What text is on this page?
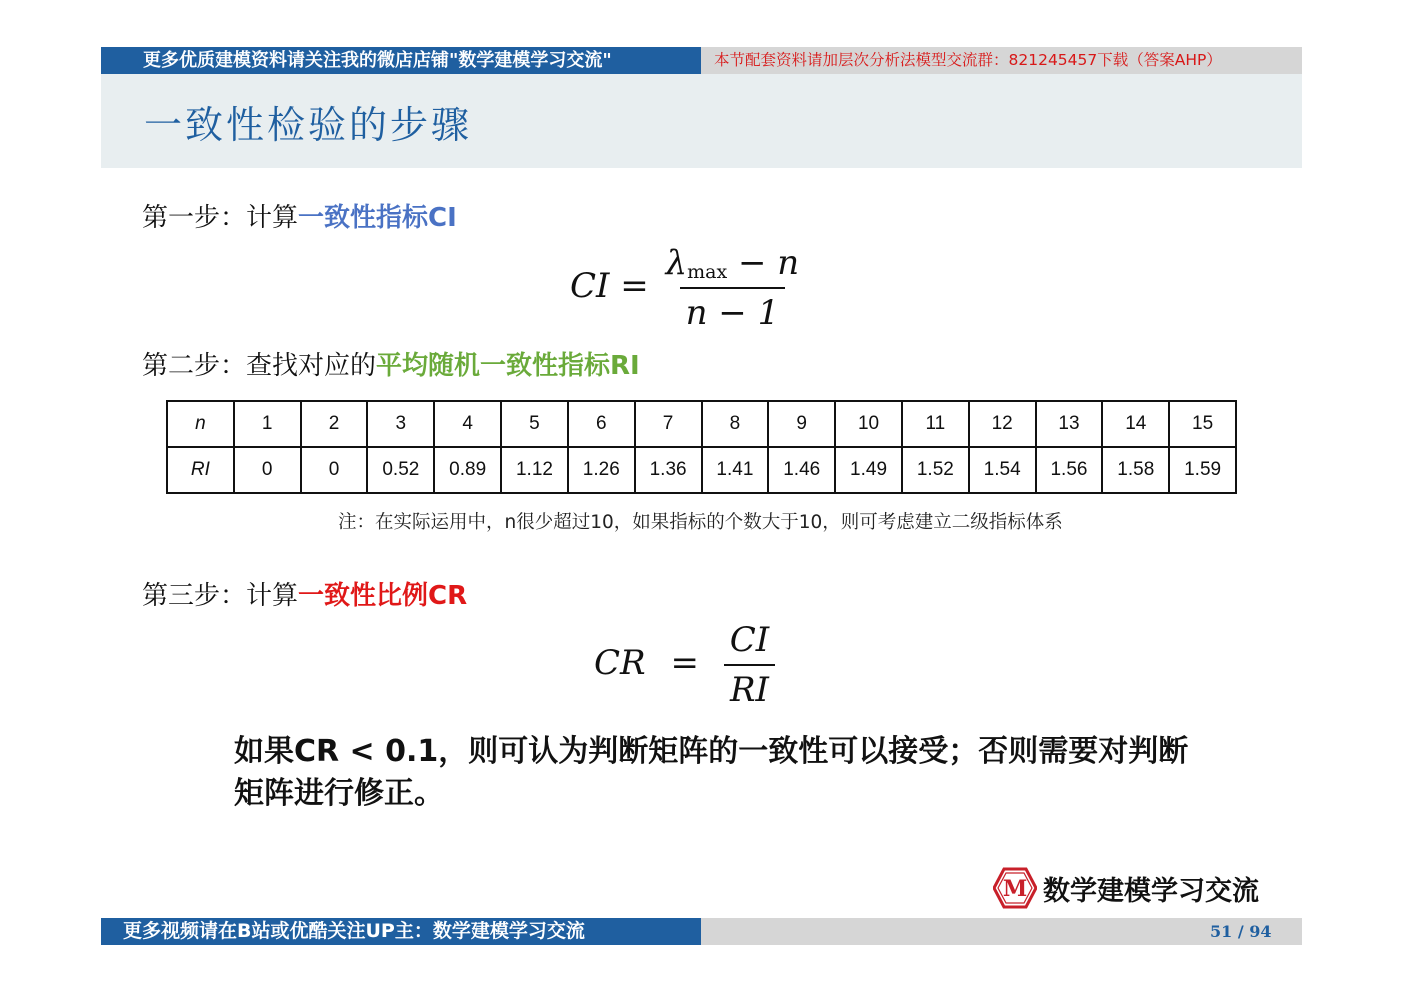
更多优质建模资料请关注我的微店店铺"数学建模学习交流"	本节配套资料请加层次分析法模型交流群：821245457下载（答案AHP）
一致性检验的步骤
第一步：计算一致性指标CI
CI = $\frac{\lambda_{max} - n}{n - 1}$
第二步：查找对应的平均随机一致性指标RI
n	1	2	3	4	5	6	7	8	9	10	11	12	13	14	15
RI	0	0	0.52	0.89	1.12	1.26	1.36	1.41	1.46	1.49	1.52	1.54	1.56	1.58	1.59
注：在实际运用中，n很少超过10，如果指标的个数大于10，则可考虑建立二级指标体系
第三步：计算一致性比例CR
CR = $\frac{CI}{RI}$
如果CR < 0.1，则可认为判断矩阵的一致性可以接受；否则需要对判断矩阵进行修正。
M 数学建模学习交流
更多视频请在B站或优酷关注UP主：数学建模学习交流	51 / 94
